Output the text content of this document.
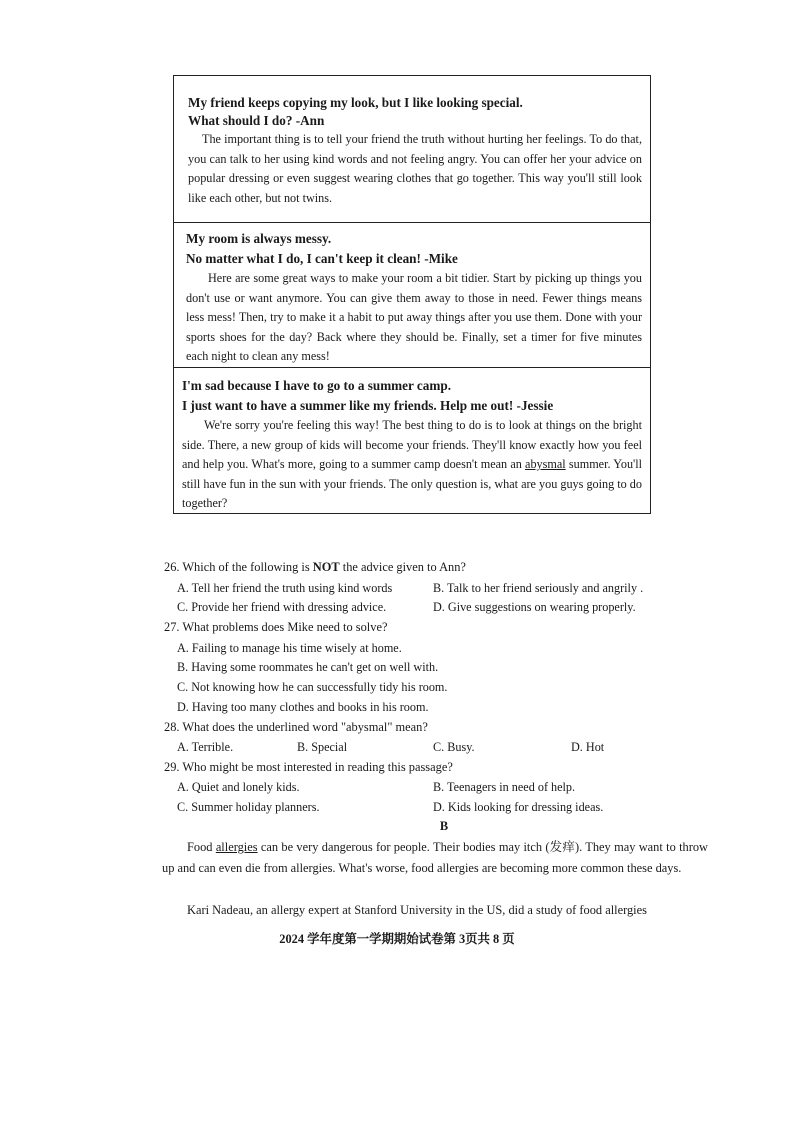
My friend keeps copying my look, but I like looking special.
What should I do? -Ann
The important thing is to tell your friend the truth without hurting her feelings. To do that, you can talk to her using kind words and not feeling angry. You can offer her your advice on popular dressing or even suggest wearing clothes that go together. This way you'll still look like each other, but not twins.
My room is always messy.
No matter what I do, I can't keep it clean! -Mike
Here are some great ways to make your room a bit tidier. Start by picking up things you don't use or want anymore. You can give them away to those in need. Fewer things means less mess! Then, try to make it a habit to put away things after you use them. Done with your sports shoes for the day? Back where they should be. Finally, set a timer for five minutes each night to clean any mess!
I'm sad because I have to go to a summer camp.
I just want to have a summer like my friends. Help me out! -Jessie
We're sorry you're feeling this way! The best thing to do is to look at things on the bright side. There, a new group of kids will become your friends. They'll know exactly how you feel and help you. What's more, going to a summer camp doesn't mean an abysmal summer. You'll still have fun in the sun with your friends. The only question is, what are you guys going to do together?
26. Which of the following is NOT the advice given to Ann?
A. Tell her friend the truth using kind words	B. Talk to her friend seriously and angrily .
C. Provide her friend with dressing advice.	D. Give suggestions on wearing properly.
27. What problems does Mike need to solve?
A. Failing to manage his time wisely at home.
B. Having some roommates he can't get on well with.
C. Not knowing how he can successfully tidy his room.
D. Having too many clothes and books in his room.
28. What does the underlined word "abysmal" mean?
A. Terrible.	B. Special	C. Busy.	D. Hot
29. Who might be most interested in reading this passage?
A. Quiet and lonely kids.	B. Teenagers in need of help.
C. Summer holiday planners.	D. Kids looking for dressing ideas.
B
Food allergies can be very dangerous for people. Their bodies may itch (发痒). They may want to throw up and can even die from allergies. What's worse, food allergies are becoming more common these days.
Kari Nadeau, an allergy expert at Stanford University in the US, did a study of food allergies
2024 学年度第一学期期始试卷第 3页共 8 页
